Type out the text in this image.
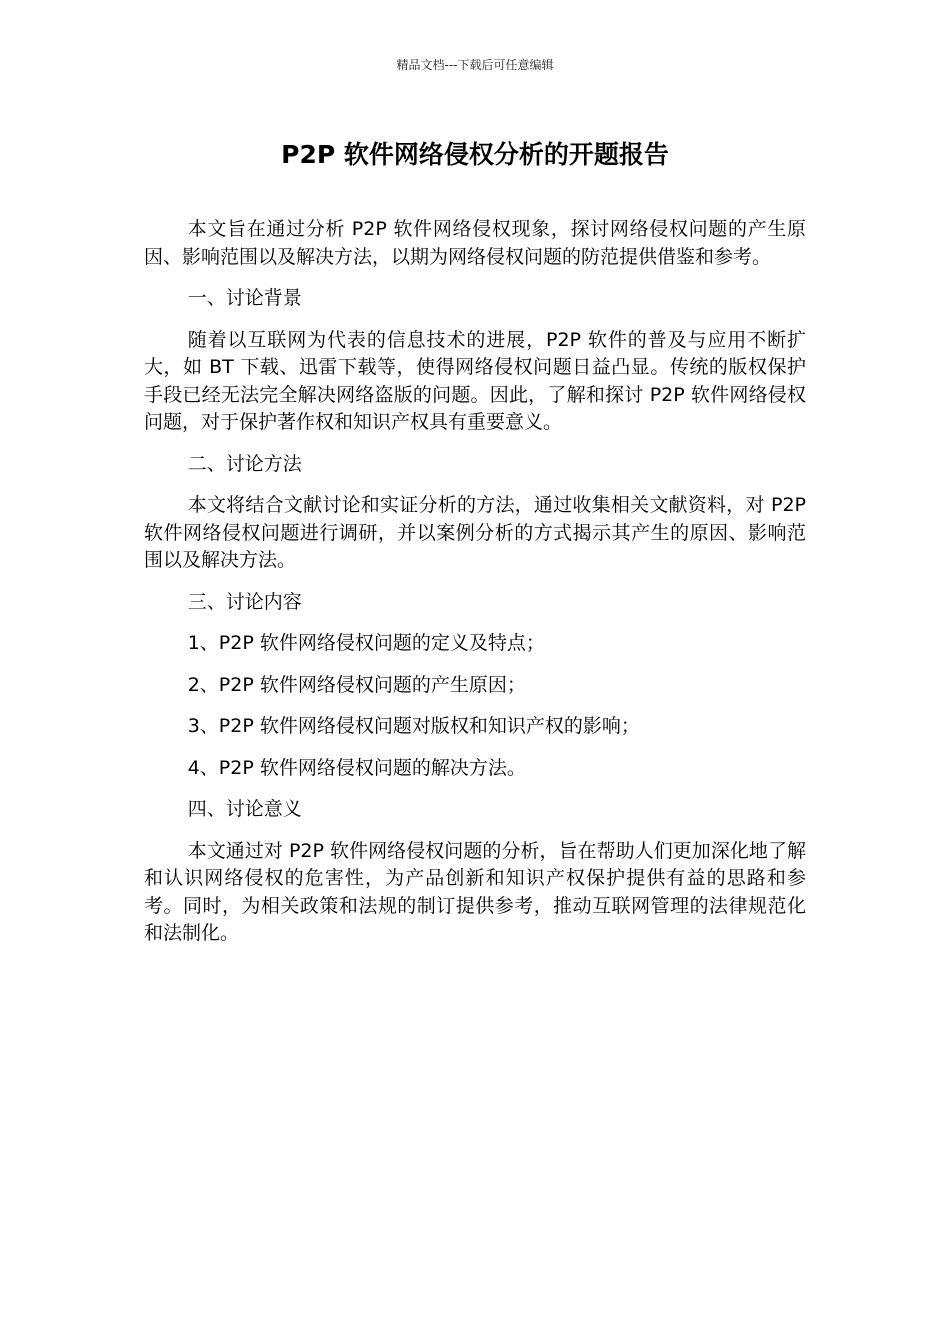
精品文档---下载后可任意编辑
P2P 软件网络侵权分析的开题报告

本文旨在通过分析 P2P 软件网络侵权现象，探讨网络侵权问题的产生原因、影响范围以及解决方法，以期为网络侵权问题的防范提供借鉴和参考。

一、讨论背景

随着以互联网为代表的信息技术的进展，P2P 软件的普及与应用不断扩大，如 BT 下载、迅雷下载等，使得网络侵权问题日益凸显。传统的版权保护手段已经无法完全解决网络盗版的问题。因此，了解和探讨 P2P 软件网络侵权问题，对于保护著作权和知识产权具有重要意义。

二、讨论方法

本文将结合文献讨论和实证分析的方法，通过收集相关文献资料，对 P2P 软件网络侵权问题进行调研，并以案例分析的方式揭示其产生的原因、影响范围以及解决方法。

三、讨论内容

1、P2P 软件网络侵权问题的定义及特点；

2、P2P 软件网络侵权问题的产生原因；

3、P2P 软件网络侵权问题对版权和知识产权的影响；

4、P2P 软件网络侵权问题的解决方法。

四、讨论意义

本文通过对 P2P 软件网络侵权问题的分析，旨在帮助人们更加深化地了解和认识网络侵权的危害性，为产品创新和知识产权保护提供有益的思路和参考。同时，为相关政策和法规的制订提供参考，推动互联网管理的法律规范化和法制化。
